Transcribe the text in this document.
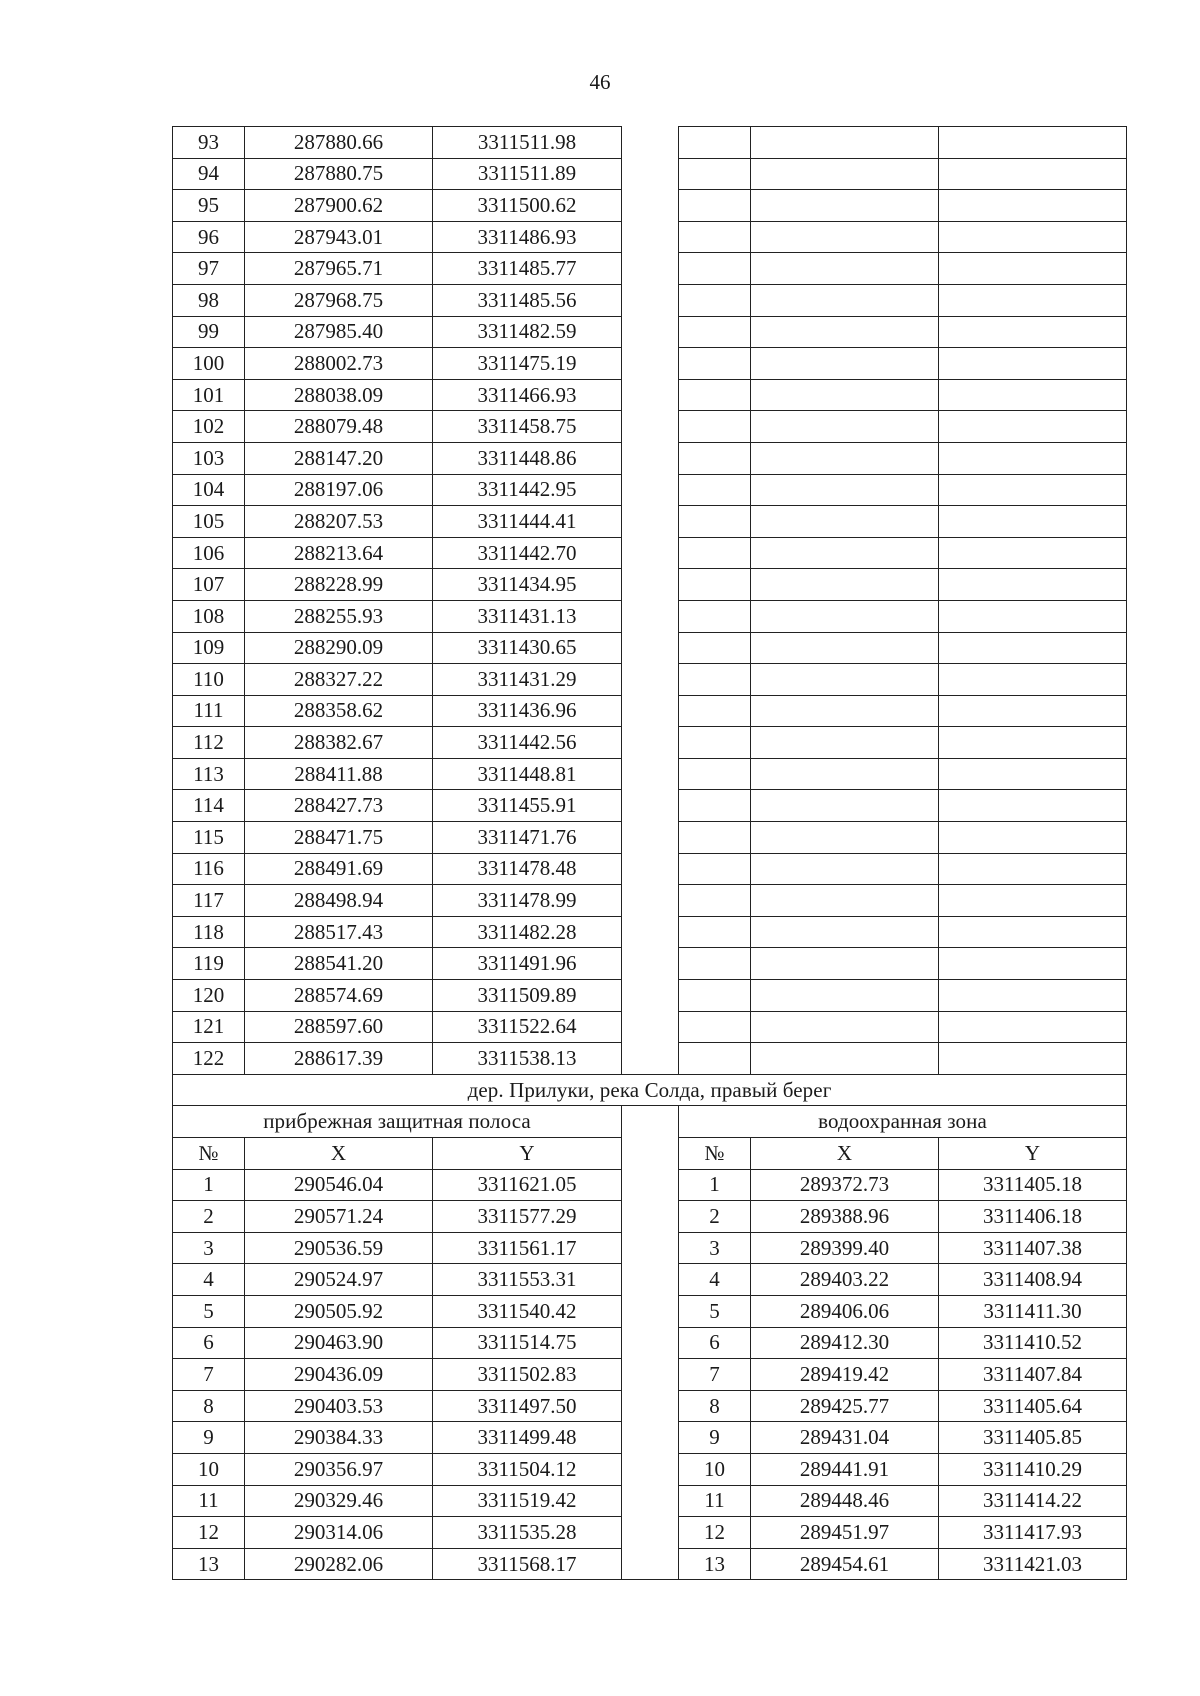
46
93	287880.66	3311511.98				
94	287880.75	3311511.89				
95	287900.62	3311500.62				
96	287943.01	3311486.93				
97	287965.71	3311485.77				
98	287968.75	3311485.56				
99	287985.40	3311482.59				
100	288002.73	3311475.19				
101	288038.09	3311466.93				
102	288079.48	3311458.75				
103	288147.20	3311448.86				
104	288197.06	3311442.95				
105	288207.53	3311444.41				
106	288213.64	3311442.70				
107	288228.99	3311434.95				
108	288255.93	3311431.13				
109	288290.09	3311430.65				
110	288327.22	3311431.29				
111	288358.62	3311436.96				
112	288382.67	3311442.56				
113	288411.88	3311448.81				
114	288427.73	3311455.91				
115	288471.75	3311471.76				
116	288491.69	3311478.48				
117	288498.94	3311478.99				
118	288517.43	3311482.28				
119	288541.20	3311491.96				
120	288574.69	3311509.89				
121	288597.60	3311522.64				
122	288617.39	3311538.13				
дер. Прилуки, река Солда, правый берег						
прибрежная защитная полоса				водоохранная зона		
№	X	Y		№	X	Y
1	290546.04	3311621.05		1	289372.73	3311405.18
2	290571.24	3311577.29		2	289388.96	3311406.18
3	290536.59	3311561.17		3	289399.40	3311407.38
4	290524.97	3311553.31		4	289403.22	3311408.94
5	290505.92	3311540.42		5	289406.06	3311411.30
6	290463.90	3311514.75		6	289412.30	3311410.52
7	290436.09	3311502.83		7	289419.42	3311407.84
8	290403.53	3311497.50		8	289425.77	3311405.64
9	290384.33	3311499.48		9	289431.04	3311405.85
10	290356.97	3311504.12		10	289441.91	3311410.29
11	290329.46	3311519.42		11	289448.46	3311414.22
12	290314.06	3311535.28		12	289451.97	3311417.93
13	290282.06	3311568.17		13	289454.61	3311421.03
